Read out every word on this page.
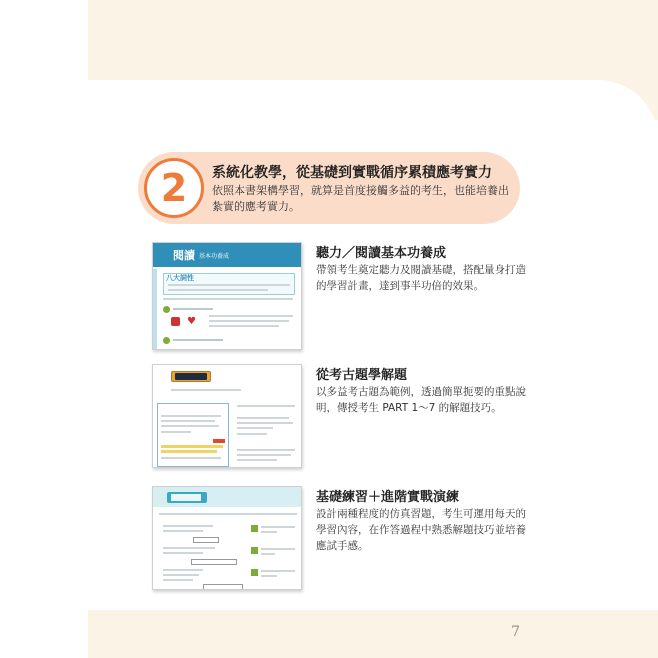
2 系統化教學，從基礎到實戰循序累積應考實力
依照本書架構學習，就算是首度接觸多益的考生，也能培養出紮實的應考實力。
閱讀 基本功養成
八大詞性
♥
聽力／閱讀基本功養成
帶領考生奠定聽力及閱讀基礎，搭配量身打造的學習計畫，達到事半功倍的效果。
從考古題學解題
以多益考古題為範例，透過簡單扼要的重點說明，傳授考生 PART 1～7 的解題技巧。
基礎練習＋進階實戰演練
設計兩種程度的仿真習題，考生可運用每天的學習內容，在作答過程中熟悉解題技巧並培養應試手感。
7
